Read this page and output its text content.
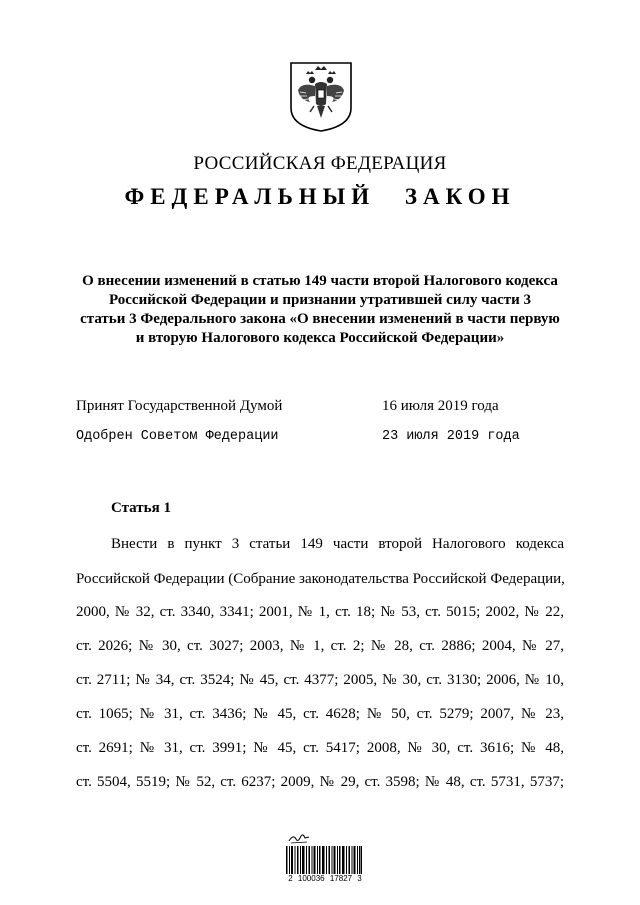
РОССИЙСКАЯ ФЕДЕРАЦИЯ
ФЕДЕРАЛЬНЫЙ ЗАКОН
О внесении изменений в статью 149 части второй Налогового кодекса
Российской Федерации и признании утратившей силу части 3
статьи 3 Федерального закона «О внесении изменений в части первую
и вторую Налогового кодекса Российской Федерации»
Принят Государственной Думой	16 июля 2019 года
Одобрен Советом Федерации	23 июля 2019 года
Статья 1
Внести в пункт 3 статьи 149 части второй Налогового кодекса
Российской Федерации (Собрание законодательства Российской Федерации,
2000, № 32, ст. 3340, 3341; 2001, № 1, ст. 18; № 53, ст. 5015; 2002, № 22,
ст. 2026; № 30, ст. 3027; 2003, № 1, ст. 2; № 28, ст. 2886; 2004, № 27,
ст. 2711; № 34, ст. 3524; № 45, ст. 4377; 2005, № 30, ст. 3130; 2006, № 10,
ст. 1065; № 31, ст. 3436; № 45, ст. 4628; № 50, ст. 5279; 2007, № 23,
ст. 2691; № 31, ст. 3991; № 45, ст. 5417; 2008, № 30, ст. 3616; № 48,
ст. 5504, 5519; № 52, ст. 6237; 2009, № 29, ст. 3598; № 48, ст. 5731, 5737;
2 100036 17827 3
